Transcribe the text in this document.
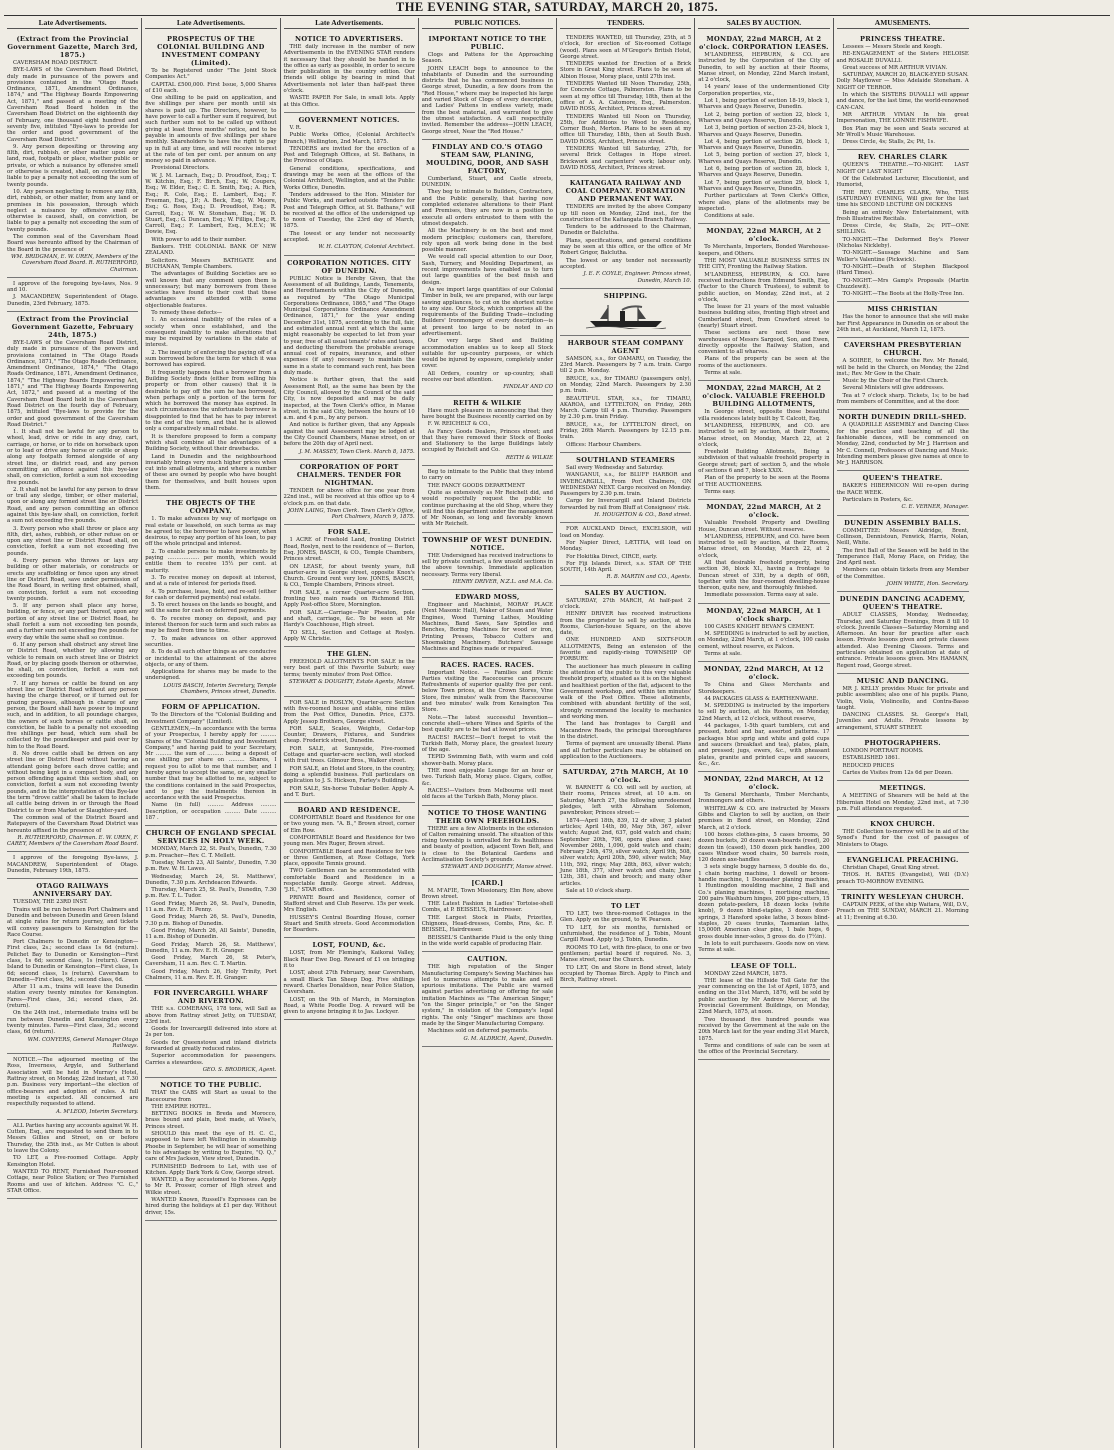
THE EVENING STAR, SATURDAY, MARCH 20, 1875.
Late Advertisements.
(Extract from the Provincial Government Gazette, March 3rd, 1875.)

CAVERSHAM ROAD DISTRICT.

BYE-LAWS of the Caversham Road District, duly made in pursuance of the powers and provisions contained in the "Otago Roads Ordinance, 1871, Amendment Ordinance, 1874," and "The Highway Boards Empowering Act, 1871," and passed at a meeting of the Caversham Road Board holden in the Caversham Road District on the eighteenth day of February, one thousand eight hundred and seventy five, intituled "Bye-laws to provide for the order and good government of the Caversham Road District."

9. Any person depositing or throwing any filth, dirt, rubbish, or other matter upon any land, road, footpath or place, whether public or private, or which a nuisance by offensive smell or otherwise is created, shall, on conviction be liable to pay a penalty not exceeding the sum of twenty pounds.

10. Any person neglecting to remove any filth, dirt, rubbish, or other matter, from any land or premises in his possession, through which neglect a nuisance by offensive smell or otherwise is caused, shall, on conviction, be liable to pay a penalty not exceeding the sum of twenty pounds.

The common seal of the Caversham Road Board was hereunto affixed by the Chairman of the Board in the presence of

WM. BRIDGMAN, E. W. UREN, Members of the Caversham Road Board. R. RUTHERFORD, Chairman.

I approve of the foregoing bye-laws, Nos. 9 and 10.

J. MACANDREW, Superintendent of Otago. Dunedin, 23rd February, 1875.

(Extract from the Provincial Government Gazette, February 24th, 1875.)

BYE-LAWS of the Caversham Road District, duly made in pursuance of the powers and provisions contained in "The Otago Roads Ordinance, 1871," "The Otago Roads Ordinance, Amendment Ordinance, 1874," "The Otago Roads Ordinance, 1871, Amendment Ordinance, 1874," "The Highway Boards Empowering Act, 1871," and "The Highway Boards Empowering Act, 1872," and passed at a meeting of the Caversham Road Board held in the Caversham Road District on the fourth day of February, 1875, intituled "Bye-laws to provide for the order and good government of the Caversham Road District."

1. It shall not be lawful for any person to wheel, lead, drive or ride in any dray, cart, carriage, or horse, or to ride on horseback upon or to lead or drive any horse or cattle or sheep along any footpath formed alongside of any street line, or district road, and any person committing an offence against this bye-law shall, on conviction, forfeit a sum not exceeding five pounds.

2. It shall not be lawful for any person to draw or trail any sledge, timber, or other material, upon or along any formed street line or District Road, and any person committing an offence against this bye-law shall, on conviction, forfeit a sum not exceeding five pounds.

3. Every person who shall throw or place any filth, dirt, ashes, rubbish, or other refuse on or upon any street line or District Road shall, on conviction, forfeit a sum not exceeding five pounds.

4. Every person who throws or lays any building or other materials, or constructs or erects any scaffolding or fence upon any street line or District Road, save under permission of the Road Board, in writing first obtained, shall, on conviction, forfeit a sum not exceeding twenty pounds.

5. If any person shall place any horse, building, or fence, or any part thereof, upon any portion of any street line or District Road, he shall forfeit a sum not exceeding ten pounds, and a further sum not exceeding five pounds for every day while the same shall so continue.

6. If any person shall obstruct any street line or District Road, whether by allowing any vehicle to remain on such street line or District Road, or by placing goods thereon or otherwise, he shall, on conviction, forfeit a sum not exceeding ten pounds.

7. If any horses or cattle be found on any street line or District Road without any person having the charge thereof, or if turned out for grazing purposes, although in charge of any person, the Board shall have power to impound such, and in addition, to all poundage charges, the owners of such horses or cattle shall, on conviction, be liable to a penalty not exceeding five shillings per head, which sum shall be collected by the poundkeeper and paid over by him to the Road Board.

8. No drove cattle shall be driven on any street line or District Road without having an attendant going before each drove cattle; and without being kept in a compact body, and any person offending against this section shall, on conviction, forfeit a sum not exceeding twenty pounds, and in the interpretation of this Bye-law the term "drove cattle" shall be taken to include all cattle being driven in or through the Road District to or from Market or Slaughter-yard.

The common seal of the District Board and Ratepayers of the Caversham Road District was hereunto affixed in the presence of

R. RUTHERFORD, Chairman. E. W. UREN, F. CAREY, Members of the Caversham Road Board.

I approve of the foregoing Bye-laws, J. MACANDREW, Superintendent of Otago. Dunedin, February 19th, 1875.

OTAGO RAILWAYS ANNIVERSARY DAY.

TUESDAY, THE 23RD INST.

Trains will be run between Port Chalmers and Dunedin and between Dunedin and Green Island at single rates for return journey, and tickets will convey passengers to Kensington for the Race Course.

Port Chalmers to Dunedin or Kensington—First class, 2s.; second class 1s 6d (return). Pelichet Bay to Dunedin or Kensington—First class, 1s 6d; second class, 1s (return). Green Island to Dunedin or Kensington—First class, 1s 6d; second class, 1s (return). Caversham to Dunedin—First class, 9d.; second class, 6d.

After 11 a.m., trains will leave the Dunedin station every twenty minutes for Kensington. Fares—First class, 3d.; second class, 2d. (return).

On the 24th inst., intermediate trains will be run between Dunedin and Kensington every twenty minutes. Fares—First class, 3d.; second class, 6d (return).

WM. CONYERS, General Manager Otago Railways.

NOTICE.—The adjourned meeting of the Ross, Inverness, Argyle, and Sutherland Association will be held in Murray's Hotel, Rattray street, on Monday, 22nd instant, at 7.30 p.m. Business very important—the election of office-bearers and adoption of rules. A full meeting is expected. All concerned are respectfully requested to attend.

A. M'LEOD, Interim Secretary.

ALL Parties having any accounts against W. H. Cutten, Esq., are requested to send them in to Messrs Gillies and Street, on or before Thursday, the 25th inst., as Mr Cutten is about to leave the Colony.

TO LET, a Five-roomed Cottage. Apply Kensington Hotel.

WANTED TO RENT, Furnished Four-roomed Cottage, near Police Station; or Two Furnished Rooms and use of kitchen. Address "C. C.," STAR Office.

Late Advertisements.
PROSPECTUS OF THE COLONIAL BUILDING AND INVESTMENT COMPANY (Limited).

To be Registered under "The Joint Stock Companies Act."

CAPITAL £500,000. First Issue, 5,000 Shares of £10 each.

One shilling to be paid on application, and five shillings per share per month until six shares is paid up. The Directors, however, to have power to call a further sum if required, but such further sum not to be called up without giving at least three months' notice, and to be payable in amounts of five shillings per share monthly. Shareholders to have the right to pay up in full at any time, and will receive interest at the rate of ten per cent. per annum on any money so paid in advance.

Provisional Directors.

W. J. M. Larnach, Esq.; D. Proudfoot, Esq.; T. W. Kitchin, Esq.; F. Birch, Esq.; W. Coupers, Esq.; W. Elder, Esq.; C. E. Smith, Esq.; A. Rich, Esq.; R. Cole, Esq.; E. Lambert, Esq.; F. Freeman, Esq., J.P.; A. Beck, Esq.; W. Moore, Esq.; G. Ross, Esq.; D. Proudfoot, Esq.; R. Carroll, Esq.; W. W. Stoneham, Esq.; W. D. Stuart, Esq.; G. Duncan, Esq.; W. Fillips, Esq.; R. Carroll, Esq.; F. Lambert, Esq., M.E.V.; W. Dowie, Esq.

With power to add to their number.

Bankers. THE COLONIAL BANK OF NEW ZEALAND.

Solicitors. Messrs BATHGATE and BUCHANAN, Temple Chambers.

The advantages of Building Societies are so well known that any comment upon them is unnecessary; but many borrowers from these societies have found to their cost that these advantages are attended with some objectionable features.

To remedy these defects—

1. An occasional inability of the rules of a society when once established, and the consequent inability to make alterations that may be required by variations in the state of interest.

2. The inequity of enforcing the paying off of a sum borrowed before the term for which it was borrowed has expired.

It frequently happens that a borrower from a Building Society finds (either from selling his property or from other causes) that it is desirable to pay off the sum he has borrowed, when perhaps only a portion of the term for which he borrowed the money has expired. In such circumstances the unfortunate borrower is disappointed to find that he has to pay interest to the end of the term, and that he is allowed only a comparatively small rebate.

It is therefore proposed to form a company which shall combine all the advantages of a Building Society, without their drawbacks.

Land in Dunedin and the neighbourhood invariably brings very much higher prices when cut into small allotments, and where a number of these are owned by people who have bought them for themselves, and built houses upon them.

THE OBJECTS OF THE COMPANY.

1. To make advances by way of mortgage on real estate or leasehold, on such terms as may be agreed to; the borrower to have power, when desirous, to repay any portion of his loan, to pay off the whole principal and interest.

2. To enable persons to make investments by paying ……………… per month, which would entitle them to receive 15½ per cent. at maturity.

3. To receive money on deposit at interest, and at a rate of interest for periods fixed.

4. To purchase, lease, hold, and re-sell (either for cash or deferred payments) real estate.

5. To erect houses on the lands so bought, and sell the same for cash on deferred payments.

6. To receive money on deposit, and pay interest thereon for such term and such rates as may be fixed from time to time.

7. To make advances on other approved securities.

8. To do all such other things as are conducive or incidental to the attainment of the above objects, or any of them.

Applications for shares may be made to the undersigned.

LOUIS BASCH, Interim Secretary, Temple Chambers, Princes street, Dunedin.
FORM OF APPLICATION.

To the Directors of the "Colonial Building and Investment Company" (Limited).

GENTLEMEN,—In accordance with the terms of your Prospectus, I hereby apply for ……… Shares of the "Colonial Building and Investment Company," and having paid to your Secretary, Mr ……… the sum of ……… being a deposit of one shilling per share on ……… Shares, I request you to allot to me that number, and I hereby agree to accept the same, or any smaller number that may be allotted to me, subject to the conditions contained in the said Prospectus, and to pay the instalments thereon in accordance with the said Prospectus.

Name (in full) ……… Address ……… Description, or occupation ……… Date ……… 187 .

CHURCH OF ENGLAND SPECIAL SERVICES IN HOLY WEEK.

MONDAY, March 22, St. Paul's, Dunedin, 7.30 p.m. Preacher—Rev. C. T. Mellett.

Tuesday, March 23, All Saints', Dunedin, 7.30 p.m. Rev. W. H. Lawes.

Wednesday, March 24, St. Matthews', Dunedin, 7.30 p.m. Archdeacon Edwards.

Thursday, March 25, St. Paul's, Dunedin, 7.30 p.m. Rev. T. L. Tudor.

Good Friday, March 26, St. Paul's, Dunedin, 11 a.m. Rev. E. H. Penny.

Good Friday, March 26, St. Paul's, Dunedin, 7.30 p.m. Bishop of Dunedin.

Good Friday, March 26, All Saints', Dunedin, 11 a.m. Bishop of Dunedin.

Good Friday, March 26, St. Matthews', Dunedin, 11 a.m. Rev. E. H. Granger.

Good Friday, March 26, St Peter's, Caversham, 11 a.m. Rev. C. T. Martin.

Good Friday, March 26, Holy Trinity, Port Chalmers, 11 a.m. Rev. E. H. Granger.

FOR INVERCARGILL WHARF AND RIVERTON.

THE s.s. COMERANG, 178 tons, will Sail as above from Rattray street Jetty, on TUESDAY, 23rd inst.

Goods for Invercargill delivered into store at 2s per ton.

Goods for Queenstown and inland districts forwarded at greatly reduced rates.

Superior accommodation for passengers. Carries a stewardess.

GEO. S. BRODRICK, Agent.
NOTICE TO THE PUBLIC.

THAT the CABS will Start as usual to the Racecourse from

THE EMPIRE HOTEL.

BETTING BOOKS in Breda and Morocco, brass bound and plain, best made, at Wise's, Princes street.

SHOULD this meet the eye of H. C. C., supposed to have left Wellington in steamship Phoebe in September, he will hear of something to his advantage by writing to Esquire, "Q. Q.," care of Mrs Jackson, View street, Dunedin.

FURNISHED Bedroom to Let, with use of Kitchen. Apply Dark York & Cow, George street.

WANTED, a Boy accustomed to Horses. Apply to Mr R. Prosser, corner of High street and Wilkie street.

WANTED Known, Russell's Expresses can be hired during the holidays at £1 per day. Without driver, 15s.

Late Advertisements.
NOTICE TO ADVERTISERS.

THE daily increase in the number of new Advertisements in the EVENING STAR renders it necessary that they should be handed in to the office as early as possible, in order to secure their publication in the country edition. Our friends will oblige by bearing in mind that Advertisements not later than half-past three o'clock.

WASTE PAPER For Sale, in small lots. Apply at this Office.

GOVERNMENT NOTICES.

V. R.

Public Works Office, (Colonial Architect's Branch,) Wellington, 2nd March, 1875.

TENDERS are invited for the erection of a Post and Telegraph Offices, at St. Bathans, in the Province of Otago.

General conditions, specifications, and drawings may be seen at the offices of the Colonial Architect, Wellington, and at the Public Works Office, Dunedin.

Tenders addressed to the Hon. Minister for Public Works, and marked outside "Tenders for Post and Telegraph Office, at St. Bathans," will be received at the office of the undersigned up to noon of Tuesday, the 23rd day of March, 1875.

The lowest or any tender not necessarily accepted.

W. H. CLAYTON, Colonial Architect.
CORPORATION NOTICES. CITY OF DUNEDIN.

PUBLIC Notice is Hereby Given, that the Assessment of all Buildings, Lands, Tenements, and Hereditaments within the City of Dunedin, as required by "The Otago Municipal Corporations Ordinance, 1865," and "The Otago Municipal Corporations Ordinance Amendment Ordinance, 1871," for the year ending December 31st, 1875, according to the full, fair, and estimated annual rent at which the same might reasonably be expected to let from year to year, free of all usual tenants' rates and taxes, and deducting therefrom the probable average annual cost of repairs, insurance, and other expenses (if any) necessary to maintain the same in a state to command such rent, has been duly made.

Notice is further given, that the said Assessment Roll, as the same has been by the City Council, allowed by the Council of the said City, is now deposited and may be daily inspected, at the Town Clerk's office, in Manse street, in the said City, between the hours of 10 a.m. and 4 p.m., by any person.

And notice is further given, that any Appeals against the said Assessment may be lodged at the City Council Chambers, Manse street, on or before the 20th day of April next.

J. M. MASSEY, Town Clerk. March 8, 1875.
CORPORATION OF PORT CHALMERS. TENDER FOR NIGHTMAN.

TENDER for above office for one year from 22nd inst., will be received at this office up to 4 o'clock p.m. on that date.

JOHN LAING, Town Clerk. Town Clerk's Office, Port Chalmers, March 9, 1875.
FOR SALE.

1 ACRE of Freehold Land, fronting District Road, Roslyn, next to the residence of — Burton, Esq. JONES, BASCH, & CO., Temple Chambers, Princes street.

ON LEASE, for about twenty years, full quarter-acre in George street, opposite Knox's Church. Ground rent very low. JONES, BASCH, & CO., Temple Chambers, Princes street.

FOR SALE, a corner Quarter-acre Section, fronting two main roads on Richmond Hill. Apply Post-office Store, Mornington.

FOR SALE.—Carriage—Pair Pheaton, pole and shaft, carriage, &c. To be seen at Mr Hardy's Coachhouse, High street.

TO SELL, Section and Cottage at Roslyn. Apply W. Christie.

THE GLEN.

FREEHOLD ALLOTMENTS FOR SALE in the very best part of this Favorite Suburb; easy terms; twenty minutes' from Post Office.

STEWART & DOUGHTY, Estate Agents, Manse street.

FOR SALE in ROSLYN, Quarter-acre Section with five-roomed house and stable, nine miles from the Post Office, Dunedin. Price, £375. Apply Jessop Brothers, George street.

FOR SALE, Scales, Weights, Cedar-top Counter, Drawers, Fixtures, and Sundries cheap. Frederick street, Dunedin.

FOR SALE, at Sunnyside, Five-roomed Cottage and quarter-acre section, well stocked with fruit trees. Gilmour Bros., Walker street.

FOR SALE, an Hotel and Store, in the country, doing a splendid business. Full particulars on application to J. S. Hickson, Farley's Buildings.

FOR SALE, Six-horse Tubular Boiler. Apply A. and T. Burt.

BOARD AND RESIDENCE.

COMFORTABLE Board and Residence for one or two young men. "A. B.," Brown street, corner of Elm Row.

COMFORTABLE Board and Residence for two young men. Mrs Ruger, Brown street.

COMFORTABLE Board and Residence for two or three Gentlemen, at Rose Cottage, York place, opposite Tennis ground.

TWO Gentlemen can be accommodated with comfortable Board and Residence in a respectable family. George street. Address, "J.H.," STAR office.

PRIVATE Board and Residence, corner of Stafford street and Club Reserve. 15s per week. Mrs English.

HUSSEY'S Central Boarding House, corner Stuart and Smith streets. Good Accommodation for Boarders.

LOST, FOUND, &c.

LOST, from Mr Fleming's, Kaikorai Valley, Black Rear Ewe Dog. Reward of £1 on bringing it to

LOST, about 27th February, near Caversham, a small Black Tan Sheep Dog. Five shillings reward. Charles Donaldson, near Police Station, Caversham.

LOST, on the 9th of March, in Mornington Road, a White Poodle Dog. A reward will be given to anyone bringing it to Jas. Lockyer.

PUBLIC NOTICES.
IMPORTANT NOTICE TO THE PUBLIC.

Clogs and Pattens for the Approaching Season.

JOHN LEACH begs to announce to the inhabitants of Dunedin and the surrounding districts that he has commenced business in George street, Dunedin, a few doors from the "Red House," where may be inspected his large and varied Stock of Clogs of every description, and Ladies' Pattens in endless variety, made from the best material, and warranted to give the utmost satisfaction. A call respectfully invited. Remember the address—JOHN LEACH, George street, Near the "Red House."

FINDLAY AND CO.'S OTAGO STEAM SAW, PLANING, MOULDING, DOOR, AND SASH FACTORY,

Cumberland, Stuart, and Castle streets, DUNEDIN.

They beg to intimate to Builders, Contractors, and the Public generally, that having now completed extensive alterations to their Plant and Premises, they are now in a position to execute all orders entrusted to them with the utmost despatch.

All the Machinery is on the best and most modern principles; customers can, therefore, rely upon all work being done in the best possible manner.

We would call special attention to our Door, Sash, Turnery, and Moulding Department, as recent improvements have enabled us to turn out large quantities of the best finish and design.

As we import large quantities of our Colonial Timber in bulk, we are prepared, with our large sawing appliances, to cut on the shortest notice to any size. Our Stock, which comprises all the requirements of the Building Trade—including Builders' Ironmongery of every description—is at present too large to be noted in an advertisement.

Our very large Shed and Building accommodation enables us to keep all Stock suitable for up-country purposes, or which would be injured by exposure, completely under cover.

All Orders, country or up-country, shall receive our best attention.

FINDLAY AND CO
REITH & WILKIE

Have much pleasure in announcing that they have bought the Business recently carried on by

F. W. REICHELT & CO.,

As Fancy Goods Dealers, Princes street; and that they have removed their Stock of Books and Stationery to the large Buildings lately occupied by Reichelt and Co.

REITH & WILKIE

Beg to intimate to the Public that they intend to carry on

THE FANCY GOODS DEPARTMENT

Quite as extensively as Mr Reichelt did, and would respectfully request the public to continue purchasing at the old Shop, where they will find this department under the management of Mr Noonan, so long and favorably known with Mr Reichelt.

TOWNSHIP OF WEST DUNEDIN. NOTICE.

THE Undersigned has received instructions to sell by private contract, a few unsold sections in the above township. Immediate application necessary. Terms very liberal.

HENRY DRIVER, N.Z.L. and M.A. Co.
EDWARD MOSS,

Engineer and Machinist, MORAY PLACE (Next Masonic Hall), Maker of Steam and Water Engines, Wood Turning Lathes, Moulding Machines, Band Saws, Saw Spindles and Benches, Boring Machines for wood or iron, Printing Presses, Tobacco Cutters and Shoemaking Machinery. Butchers' Sausage Machines and Engines made or repaired.

RACES. RACES. RACES.

Important Notice. — Families and Picnic Parties visiting the Racecourse can procure Refreshments of superior quality five per cent. below Town prices, at the Crown Stores, Vine Store, five minutes' walk from the Racecourse and two minutes' walk from Kensington Tea Store.

Note.—The latest successful Invention—concrete shell—where Wines and Spirits of the best quality are to be had at lowest prices.

RACES! RACES!—Don't forget to visit the Turkish Bath, Moray place, the greatest luxury of the age.

TEPID Swimming Bath, with warm and cold shower-bath. Moray place.

THE most enjoyable Lounge for an hour or two. Turkish Bath, Moray place. Cigars, coffee, &c.

RACES!—Visitors from Melbourne will meet old faces at the Turkish Bath, Moray place.

NOTICE TO THOSE WANTING THEIR OWN FREEHOLDS.

THERE are a few Allotments in the extension of Calton remaining unsold. The situation of this rising township is unrivalled for its healthiness and beauty of position, adjacent Town Belt, and is close to the Botanical Gardens and Acclimatisation Society's grounds.

STEWART AND DOUGHTY, Manse street.
[CARD.]

M. M'AFIE, Town Missionary, Elm Row, above Brown street.

THE Latest Fashion in Ladies' Tortoise-shell Combs, at P. BEISSEL'S, Hairdresser.

THE Largest Stock in Plaits, Frizettes, Chignons, Head-dresses, Combs, Pins, &c. F. BEISSEL, Hairdresser.

BEISSEL'S Cantharide Fluid is the only thing in the wide world capable of producing Hair.

CAUTION.

THE high reputation of the Singer Manufacturing Company's Sewing Machines has led to numerous attempts to make and sell spurious imitations. The Public are warned against parties advertising or offering for sale imitation Machines as "The American Singer," "on the Singer principle," or "on the Singer system," in violation of the Company's legal rights. The only "Singer" machines are those made by the Singer Manufacturing Company.

Machines sold on deferred payments.

G. M. ALDRICH, Agent, Dunedin.
TENDERS.

TENDERS WANTED, till Thursday, 25th, at 5 o'clock, for erection of Six-roomed Cottage (wood). Plans seen at M'Gregor's British Hotel, George street.

TENDERS wanted for Erection of a Brick Store in Great King street. Plans to be seen at Albion House, Moray place, until 27th inst.

TENDERS Wanted till Noon Thursday, 25th, for Concrete Cottage, Palmerston. Plans to be seen at my office till Thursday, 18th, then at the office of A. A. Catomore, Esq., Palmerston. DAVID ROSS, Architect, Princes street.

TENDERS Wanted till Noon on Thursday, 25th, for Additions to Wood to Residence, Corner Bush, Merton. Plans to be seen at my office till Thursday, 18th, then at South Bush. DAVID ROSS, Architect, Princes street.

TENDERS Wanted till Saturday, 27th, for several Brick Cottages in Hope street. Brickwork and carpenters' work; labour only. DAVID ROSS, Architect, Princes street.

KAITANGATA RAILWAY AND COAL COMPANY. FORMATION AND PERMANENT WAY.

TENDERS are invited by the above Company up till noon on Monday, 22nd inst., for the construction of the Kaitangata Branch Railway.

Tenders to be addressed to the Chairman, Dunedin or Balclutha.

Plans, specifications, and general conditions may be seen at this office, or the office of Mr Robert Grigor, Balclutha.

The lowest or any tender not necessarily accepted.

J. E. F. COYLE, Engineer. Princes street, Dunedin, March 10.
SHIPPING.
HARBOUR STEAM COMPANY AGENT

SAMSON, s.s., for OAMARU, on Tuesday, the 23rd March. Passengers by 7 a.m. train. Cargo till 2 p.m. Monday.

BRUCE, s.s., for TIMARU (passengers only), on Monday, 22nd March. Passengers by 2.30 p.m. train.

BEAUTIFUL STAR, s.s., for TIMARU, AKAROA, and LYTTELTON, on Friday, 26th March. Cargo till 4 p.m. Thursday. Passengers by 2.30 p.m. train Friday.

BRUCE, s.s., for LYTTELTON direct, on Friday, 26th March. Passengers by 12.15 p.m. train.

Offices: Harbour Chambers.

SOUTHLAND STEAMERS

Sail every Wednesday and Saturday.

WANGANUI, s.s., for BLUFF HARBOR and INVERCARGILL, From Port Chalmers, ON WEDNESDAY NEXT. Cargo received on Monday. Passengers by 2.30 p.m. train.

Cargo for Invercargill and Inland Districts forwarded by rail from Bluff at Consignees' risk.

H. HOUGHTON & CO., Bond street.

FOR AUCKLAND Direct, EXCELSIOR, will load on Monday.

For Napier Direct, LÆTITIA, will load on Monday.

For Hokitika Direct, CIRCE, early.

For Fiji Islands Direct, s.s. STAR OF THE SOUTH, 14th April.

R. B. MARTIN and CO., Agents.
SALES BY AUCTION.

SATURDAY, 27th MARCH, At half-past 2 o'clock.

HENRY DRIVER has received instructions from the proprietor to sell by auction, at his Rooms, Clarion-house Square, on the above date,

ONE HUNDRED AND SIXTY-FOUR ALLOTMENTS, Being an extension of the favorite and rapidly-rising TOWNSHIP OF FORBURY.

The auctioneer has much pleasure in calling the attention of the public to this very valuable freehold property, situated as it is on the highest and healthiest portion of the flat, adjacent to the Government workshop, and within ten minutes' walk of the Post Office. These allotments, combined with abundant fertility of the soil, strongly recommend the locality to mechanics and working men.

The land has frontages to Cargill and Macandrew Roads, the principal thoroughfares in the district.

Terms of payment are unusually liberal. Plans and all further particulars may be obtained on application to the Auctioneers.

SATURDAY, 27th MARCH, At 10 o'clock.

W. BARNETT & CO. will sell by auction, at their rooms, Princes street, at 10 a.m. on Saturday, March 27, the following unredeemed pledges, left with Abraham Solomon, pawnbroker, Princes street:—

1874—April 18th, 839, 12 dr silver, 3 plated articles; April 14th, 80, May 5th, 367, silver watch; August 2nd, 637, gold watch and chain; September 20th, 798, opera glass and case; November 26th, 1,090, gold watch and chain; February 24th, 479, silver watch; April 9th, 508, silver watch; April 20th, 590, silver watch; May 11th, 592, rings; May 28th, 863, silver watch; June 18th, 377, silver watch and chain; June 12th, 381, chain and brooch; and many other articles.

Sale at 10 o'clock sharp.

TO LET

TO LET, two three-roomed Cottages in the Glen. Apply on the ground, to W. Pearson.

TO LET, for six months, furnished or unfurnished, the residence of J. Tobin, Mount Cargill Road. Apply to J. Tobin, Dunedin.

ROOMS TO Let, with fire-place, to one or two gentlemen; partial board if required. No. 3, Manse street, near the Church.

TO LET, On and Store in Bond street, lately occupied by Thomas Birch. Apply to Finch and Birch, Rattray street.

SALES BY AUCTION.
MONDAY, 22nd MARCH, At 2 o'clock. CORPORATION LEASES.

M'LANDRESS, HEPBURN, & CO. are instructed by the Corporation of the City of Dunedin, to sell by auction at their Rooms, Manse street, on Monday, 22nd March instant, at 2 o'clock,

14 years' lease of the undermentioned City Corporation properties, viz.,

Lot 1, being portion of section 18-19, block 1, Wharves and Quays Reserve, Dunedin.

Lot 2, being portion of section 22, block 1, Wharves and Quays Reserve, Dunedin.

Lot 3, being portion of section 23-24, block 1, Wharves and Quays Reserve, Dunedin.

Lot 4, being portion of section 26, block 1, Wharves and Quays Reserve, Dunedin.

Lot 5, being portion of section 27, block 1, Wharves and Quays Reserve, Dunedin.

Lot 6, being portion of section 28, block 1, Wharves and Quays Reserve, Dunedin.

Lot 7, being portion of section 29, block 1, Wharves and Quays Reserve, Dunedin.

Further particulars at Town Clerk's Office, where also, plans of the allotments may be inspected.

Conditions at sale.

MONDAY, 22nd MARCH, At 2 o'clock.

To Merchants, Importers, Bonded Warehouse-keepers, and Others.

THE MOST VALUABLE BUSINESS SITES IN THE CITY, Fronting the Railway Station.

M'LANDRESS, HEPBURN, & CO. have received instructions from Edmund Smith, Esq. (Factor to the Church Trustees), to submit to public auction, on Monday, 22nd inst., at 2 o'clock,

The lease for 21 years of the most valuable business building sites, fronting High street and Cumberland street, from Crawford street to (nearly) Stuart street.

These sections are next those new warehouses of Messrs Sargood, Son, and Ewen, directly opposite the Railway Station, and convenient to all wharves.

Plans of the property can be seen at the rooms of the auctioneers.

Terms at sale.

MONDAY, 22nd MARCH, At 2 o'clock. VALUABLE FREEHOLD BUILDING ALLOTMENTS,

In George street, opposite those beautiful villa residences lately built by T. Calcott, Esq.

M'LANDRESS, HEPBURN, and CO. are instructed to sell by auction, at their Rooms, Manse street, on Monday, March 22, at 2 o'clock,

Freehold Building Allotments, Being a subdivision of that valuable freehold property in George street; part of section 5, and the whole of sections 6 and 7, block XXIX.

Plan of the property to be seen at the Rooms of THE AUCTIONEERS.

Terms easy.

MONDAY, 22nd MARCH, At 2 o'clock.

Valuable Freehold Property and Dwelling House, Duncan street. Without reserve.

M'LANDRESS, HEPBURN, and CO. have been instructed to sell by auction, at their Rooms, Manse street, on Monday, March 22, at 2 o'clock,

All that desirable freehold property, being section 36, block XI., having a frontage to Duncan street of 33ft, by a depth of 66ft, together with the four-roomed dwelling-house thereon, quite new, and thoroughly finished.

Immediate possession. Terms easy at sale.

MONDAY, 22nd MARCH, At 1 o'clock sharp.

100 CASES KNIGHT BEVAN'S CEMENT.

M. SPEDDING is instructed to sell by auction, on Monday, 22nd March, at 1 o'clock, 100 casks cement, without reserve, ex Falcon.

Terms at sale.

MONDAY, 22nd MARCH, At 12 o'clock.

To China and Glass Merchants and Storekeepers.

44 PACKAGES GLASS & EARTHENWARE.

M. SPEDDING is instructed by the importers to sell by auction, at his Rooms, on Monday, 22nd March, at 12 o'clock, without reserve,

44 packages, 1-5th quart tumblers, cut and pressed, hotel and bar, assorted patterns. 17 packages blue sprig and white and gold cups and saucers (breakfast and tea), plates, plain, and pressed; jugs, ewers, &c., with pheasant plates, granite and printed cups and saucers, &c., &c.

MONDAY, 22nd MARCH, At 12 o'clock.

To General Merchants, Timber Merchants, Ironmongers and others.

WHITELAW & CO. are instructed by Messrs Gibbs and Clayton to sell by auction, on their premises in Bond street, on Monday, 22nd March, at 2 o'clock.

100 boxes clothes-pins, 5 cases brooms, 50 dozen buckets, 20 dozen wash-boards (reed), 20 dozen tin (cased), 150 dozen pick handles, 200 cases Windsor wood chairs, 50 barrels rosin, 120 dozen axe-handles

3 sets single buggy harness, 5 double do. do., 1 chain boring machine, 1 dowell or broom-handle machine, 1 Doonaster planing machine, 1 Huntingdon moulding machine, 2 Ball and Co.'s planing machines, 1 mortising machine, 200 pairs Washburn hinges, 200 pipe-cutters, 15 dozen potato-peelers, 18 dozen locks (white knob), 9 dozen blind-staples, 3 dozen door-springs, 3 Hansford spoke lathe, 3 boxes blind-staples, 20 cases trunks, Tasmanian laths, 15,000ft American clear pine, 1 bale hops, 6 gross double inner-soles, 5 gross do. do (7½in).

In lots to suit purchasers. Goods now on view. Terms at sale.

LEASE OF TOLL.

MONDAY 22nd MARCH, 1875.

THE lease of the Hillside Toll Gate for the year commencing on the 1st of April, 1875, and ending on the 31st March, 1876, will be sold by public auction by Mr Andrew Mercer, at the Provincial Government Buildings, on Monday, 22nd March, 1875, at noon.

Two thousand five hundred pounds was received by the Government at the sale on the 20th March last for the year ending 31st March, 1875.

Terms and conditions of sale can be seen at the office of the Provincial Secretary.

AMUSEMENTS.
PRINCESS THEATRE.

Lessees — Messrs Steele and Keogh.

RE-ENGAGEMENT of the Sisters HELOISE and ROSALIE DUVALLI.

Great success of MR ARTHUR VIVIAN.

SATURDAY, MARCH 20, BLACK-EYED SUSAN. Dolly Mayflower — Miss Adelaide Stoneham. A NIGHT OF TERROR.

In which the SISTERS DUVALLI will appear and dance, for the last time, the world-renowned CAN-CAN.

MR ARTHUR VIVIAN In his great Impersonation, THE LONNIE FISHWIFE.

Box Plan may be seen and Seats secured at Mr Wroll's Music Warehouse.

Dress Circle, 4s; Stalls, 2s; Pit, 1s.

REV. CHARLES CLARK

QUEEN'S THEATRE.—TO-NIGHT. LAST NIGHT OF LAST NIGHT

Of the Celebrated Lecturer, Elocutionist, and Humorist,

THE REV. CHARLES CLARK, Who, THIS (SATURDAY) EVENING, Will give for the last time his SECOND LECTURE ON DICKENS

Being an entirely New Entertainment, with fresh Illustrative Recitals.

Dress Circle, 4s; Stalls, 2s; PIT—ONE SHILLING.

TO-NIGHT.—The Deformed Boy's Flower (Nicholas Nickleby).

TO-NIGHT.—Sausage Machine and Sam Weller's Valentine (Pickwick).

TO-NIGHT.—Death of Stephen Blackpool (Hard Times).

TO-NIGHT.—Mrs Gamp's Proposals (Martin Chuzzlewit).

TO-NIGHT.—The Boots at the Holly-Tree Inn.

MISS CHRISTIAN

Has the honor to announce that she will make her First Appearance in Dunedin on or about the 24th inst., at Auckland, March 12, 1875.

CAVERSHAM PRESBYTERIAN CHURCH.

A SOIREE, to welcome the Rev. Mr Ronald, will be held in the Church, on Monday, the 22nd inst.; Rev. Mr Gow in the Chair.

Music by the Choir of the First Church.

Several Ministers will give addresses.

Tea at 7 o'clock sharp. Tickets, 1s; to be had from members of Committee, and at the door.

NORTH DUNEDIN DRILL-SHED.

A QUADRILLE ASSEMBLY and Dancing Class for the practice and teaching of all the fashionable dances, will be commenced on Monday, 22nd, conducted by Mr J. Harrison and Mr C. Connell, Professors of Dancing and Music. Intending members please give names at once to Mr J. HARRISON.

QUEEN'S THEATRE.

BAKER'S HIBERNICON Will re-open during the RACE WEEK.

Particulars in Posters, &c.

C. E. VERNER, Manager.
DUNEDIN ASSEMBLY BALLS.

COMMITTEE: Messrs Aldridge, Brent, Collinson, Dennistoun, Fenwick, Harris, Nolan, Neill, White.

The first Ball of the Season will be held in the Temperance Hall, Moray Place, on Friday, the 2nd April next.

Members can obtain tickets from any Member of the Committee.

JOHN WHITE, Hon. Secretary.
DUNEDIN DANCING ACADEMY, QUEEN'S THEATRE.

ADULT CLASSES, Monday, Wednesday, Thursday, and Saturday Evenings, from 8 till 10 o'clock. Juvenile Classes—Saturday Morning and Afternoon. An hour for practice after each lesson. Private lessons given and private classes attended. Also Evening Classes. Terms and particulars obtained on application at date of entrance. Private lessons given. Mrs HAMANN, Regent road, George street.

MUSIC AND DANCING.

MR J. KELLY provides Music for private and public assemblies; also one of his pupils. Piano, Violin, Viola, Violincello, and Contra-Basso taught.

DANCING CLASSES. St. George's Hall, Juveniles and Adults. Private lessons by arrangement, STUART STREET.

PHOTOGRAPHERS.

LONDON PORTRAIT ROOMS.

ESTABLISHED 1861.

REDUCED PRICES

Cartes de Visites from 12s 6d per Dozen.

MEETINGS.

A MEETING of Shearers will be held at the Hibernian Hotel on Monday, 22nd inst., at 7.30 p.m. Full attendance requested.

KNOX CHURCH.

THE Collection to-morrow will be in aid of the Synod's Fund for the cost of passages of Ministers to Otago.

EVANGELICAL PREACHING.

Christian Chapel, Great King street.

THOS. H. BATES (Evangelist), Will (D.V.) preach TO-MORROW EVENING.

TRINITY WESLEYAN CHURCH.

CAPTAIN PEEK, of the ship Waitara, Will, D.V., Preach on THE SUNDAY, MARCH 21. Morning at 11; Evening at 6.30.
